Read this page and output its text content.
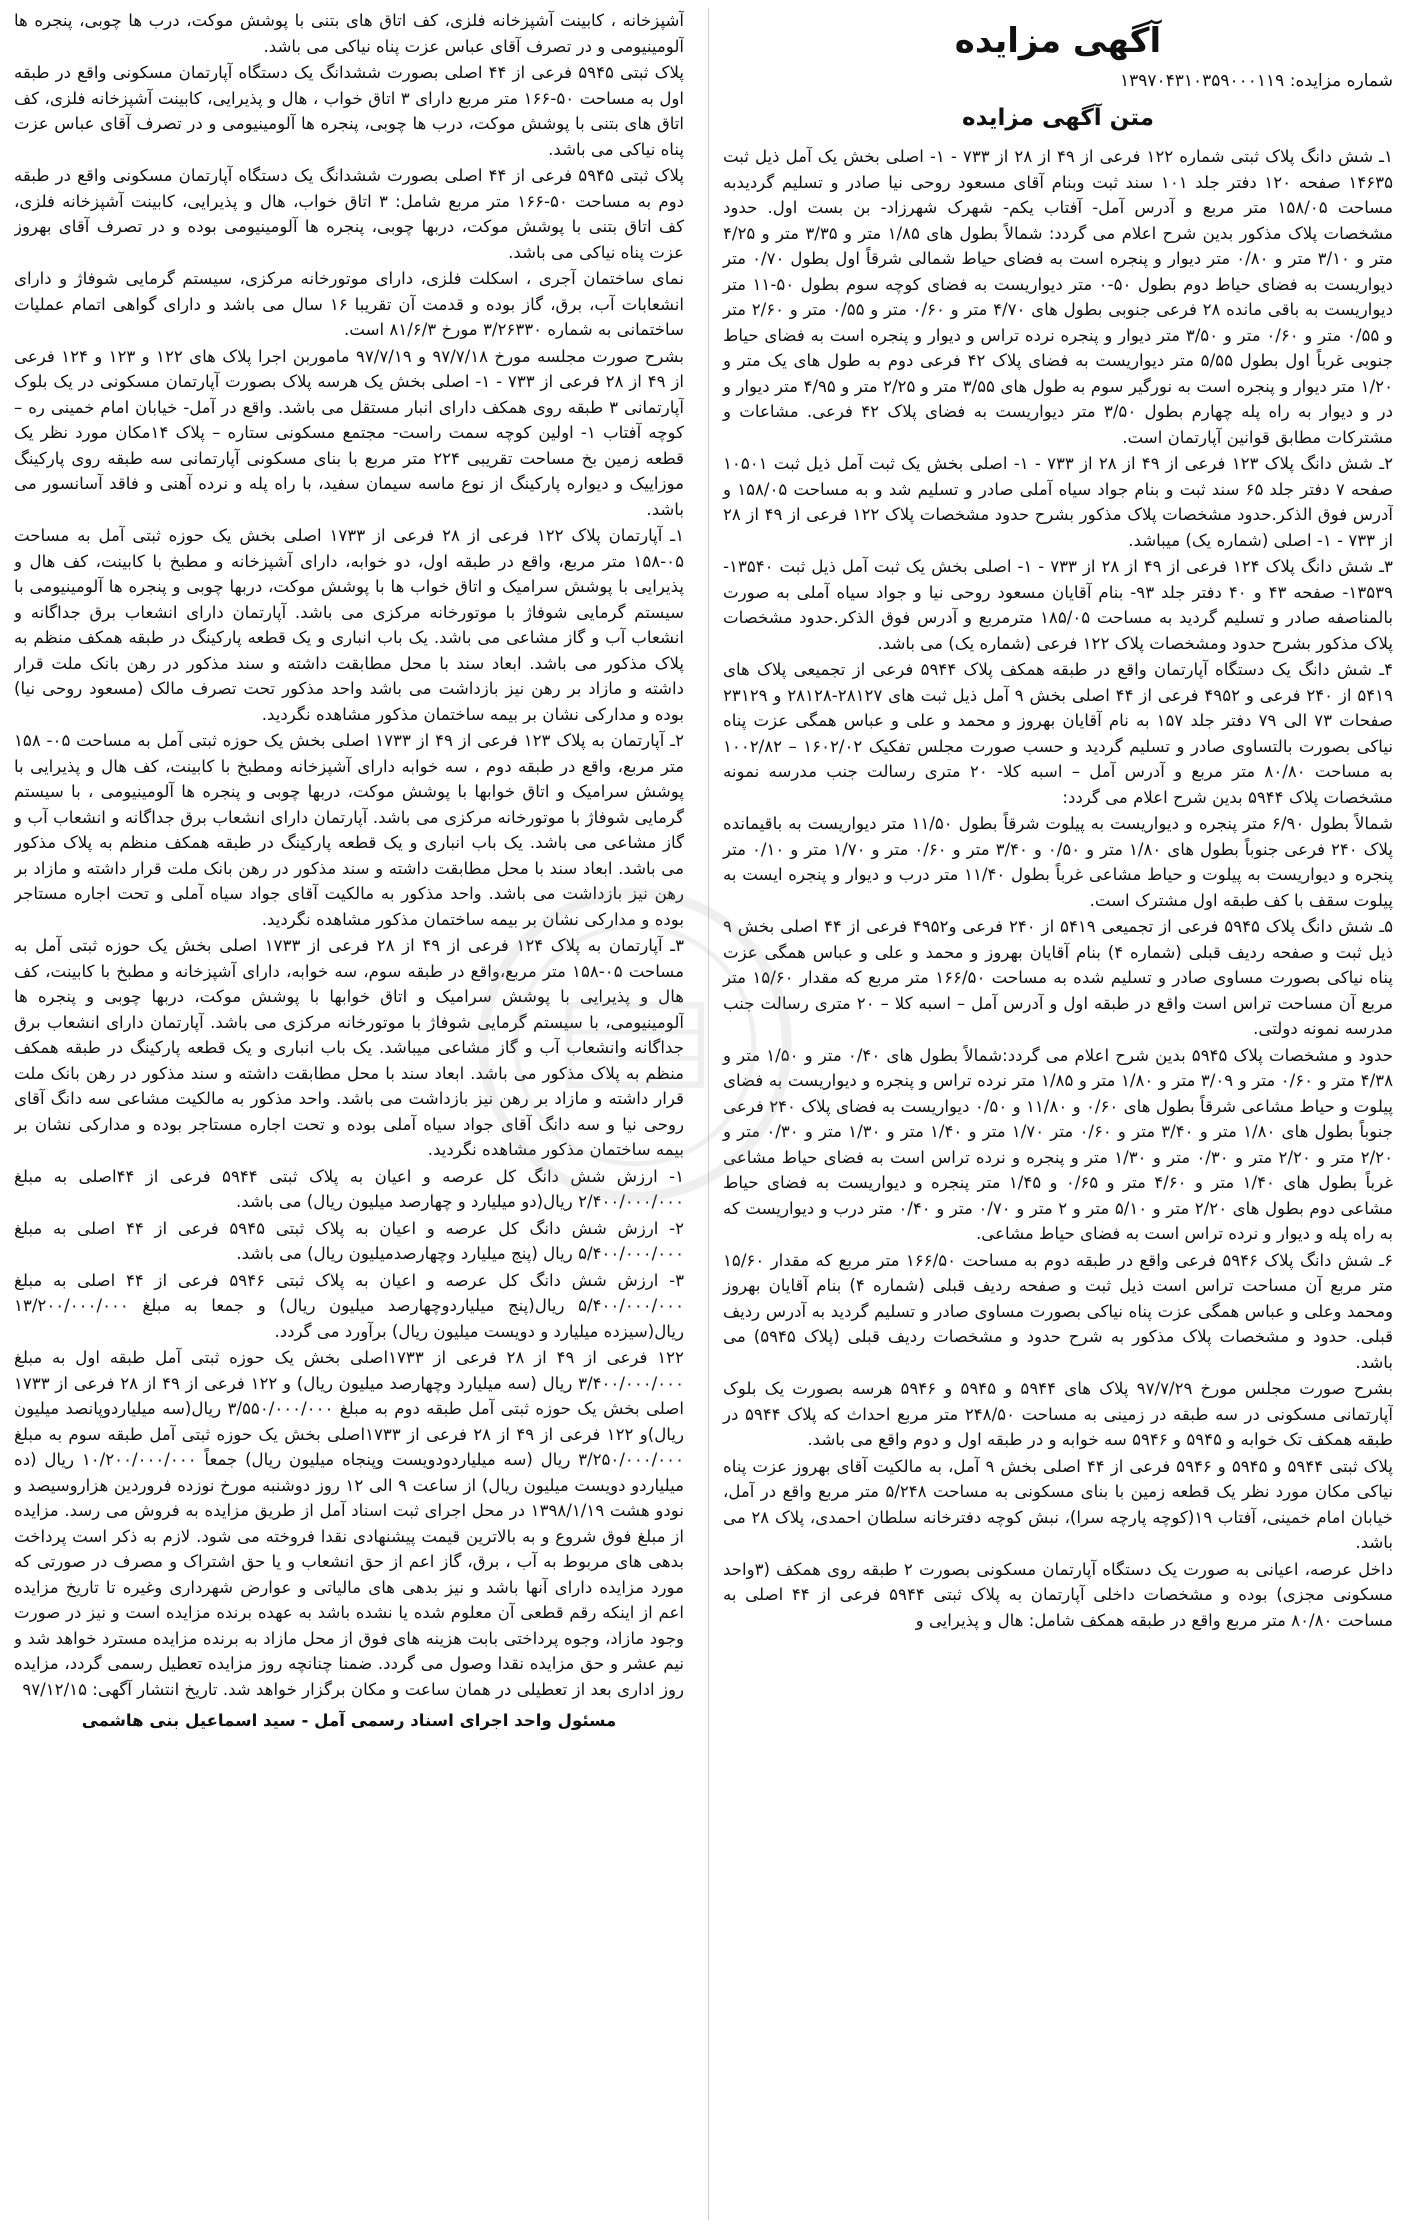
آگهی مزایده
شماره مزایده: ۱۳۹۷۰۴۳۱۰۳۵۹۰۰۰۱۱۹
متن آگهی مزایده

۱ـ شش دانگ پلاک ثبتی شماره ۱۲۲ فرعی از ۴۹ از ۲۸ از ۷۳۳ - ۱- اصلی بخش یک آمل ذیل ثبت ۱۴۶۳۵ صفحه ۱۲۰ دفتر جلد ۱۰۱ سند ثبت وبنام آقای مسعود روحی نیا صادر و تسلیم گردیدبه مساحت ۱۵۸/۰۵ متر مربع و آدرس آمل- آفتاب یکم- شهرک شهرزاد- بن بست اول. حدود مشخصات پلاک مذکور بدین شرح اعلام می گردد: شمالاً بطول های ۱/۸۵ متر و ۳/۳۵ متر و ۴/۲۵ متر و ۳/۱۰ متر و ۰/۸۰ متر دیوار و پنجره است به فضای حیاط شمالی شرقاً اول بطول ۰/۷۰ متر دیواریست به فضای حیاط دوم بطول ۵۰-۰ متر دیواریست به فضای کوچه سوم بطول ۵۰-۱۱ متر دیواریست به باقی مانده ۲۸ فرعی جنوبی بطول های ۴/۷۰ متر و ۰/۶۰ متر و ۰/۵۵ متر و ۲/۶۰ متر و ۰/۵۵ متر و ۰/۶۰ متر و ۳/۵۰ متر دیوار و پنجره نرده تراس و دیوار و پنجره است به فضای حیاط جنوبی غرباً اول بطول ۵/۵۵ متر دیواریست به فضای پلاک ۴۲ فرعی دوم به طول های یک متر و ۱/۲۰ متر دیوار و پنجره است به نورگیر سوم به طول های ۳/۵۵ متر و ۲/۲۵ متر و ۴/۹۵ متر دیوار و در و دیوار به راه پله چهارم بطول ۳/۵۰ متر دیواریست به فضای پلاک ۴۲ فرعی. مشاعات و مشترکات مطابق قوانین آپارتمان است.

۲ـ شش دانگ پلاک ۱۲۳ فرعی از ۴۹ از ۲۸ از ۷۳۳ - ۱- اصلی بخش یک ثبت آمل ذیل ثبت ۱۰۵۰۱ صفحه ۷ دفتر جلد ۶۵ سند ثبت و بنام جواد سیاه آملی صادر و تسلیم شد و به مساحت ۱۵۸/۰۵ و آدرس فوق الذکر.حدود مشخصات پلاک مذکور بشرح حدود مشخصات پلاک ۱۲۲ فرعی از ۴۹ از ۲۸ از ۷۳۳ - ۱- اصلی (شماره یک) میباشد.

۳ـ شش دانگ پلاک ۱۲۴ فرعی از ۴۹ از ۲۸ از ۷۳۳ - ۱- اصلی بخش یک ثبت آمل ذیل ثبت ۱۳۵۴۰- ۱۳۵۳۹- صفحه ۴۳ و ۴۰ دفتر جلد ۹۳- بنام آقایان مسعود روحی نیا و جواد سیاه آملی به صورت بالمناصفه صادر و تسلیم گردید به مساحت ۱۸۵/۰۵ مترمربع و آدرس فوق الذکر.حدود مشخصات پلاک مذکور بشرح حدود ومشخصات پلاک ۱۲۲ فرعی (شماره یک) می باشد.

۴ـ شش دانگ یک دستگاه آپارتمان واقع در طبقه همکف پلاک ۵۹۴۴ فرعی از تجمیعی پلاک های ۵۴۱۹ از ۲۴۰ فرعی و ۴۹۵۲ فرعی از ۴۴ اصلی بخش ۹ آمل ذیل ثبت های ۲۸۱۲۷-۲۸۱۲۸ و ۲۳۱۲۹ صفحات ۷۳ الی ۷۹ دفتر جلد ۱۵۷ به نام آقایان بهروز و محمد و علی و عباس همگی عزت پناه نیاکی بصورت بالتساوی صادر و تسلیم گردید و حسب صورت مجلس تفکیک ۱۶۰۲/۰۲ – ۱۰۰۲/۸۲ به مساحت ۸۰/۸۰ متر مربع و آدرس آمل – اسبه کلا- ۲۰ متری رسالت جنب مدرسه نمونه مشخصات پلاک ۵۹۴۴ بدین شرح اعلام می گردد:

شمالاً بطول ۶/۹۰ متر پنجره و دیواریست به پیلوت شرقاً بطول ۱۱/۵۰ متر دیواریست به باقیمانده پلاک ۲۴۰ فرعی جنوباً بطول های ۱/۸۰ متر و ۰/۵۰ و ۳/۴۰ متر و ۰/۶۰ متر و ۱/۷۰ متر و ۰/۱۰ متر پنجره و دیواریست به پیلوت و حیاط مشاعی غرباً بطول ۱۱/۴۰ متر درب و دیوار و پنجره ایست به پیلوت سقف با کف طبقه اول مشترک است.

۵ـ شش دانگ پلاک ۵۹۴۵ فرعی از تجمیعی ۵۴۱۹ از ۲۴۰ فرعی و۴۹۵۲ فرعی از ۴۴ اصلی بخش ۹ ذیل ثبت و صفحه ردیف قبلی (شماره ۴) بنام آقایان بهروز و محمد و علی و عباس همگی عزت پناه نیاکی بصورت مساوی صادر و تسلیم شده به مساحت ۱۶۶/۵۰ متر مربع که مقدار ۱۵/۶۰ متر مربع آن مساحت تراس است واقع در طبقه اول و آدرس آمل – اسبه کلا – ۲۰ متری رسالت جنب مدرسه نمونه دولتی.

حدود و مشخصات پلاک ۵۹۴۵ بدین شرح اعلام می گردد:شمالاً بطول های ۰/۴۰ متر و ۱/۵۰ متر و ۴/۳۸ متر و ۰/۶۰ متر و ۳/۰۹ متر و ۱/۸۰ متر و ۱/۸۵ متر نرده تراس و پنجره و دیواریست به فضای پیلوت و حیاط مشاعی شرقاً بطول های ۰/۶۰ و ۱۱/۸۰ و ۰/۵۰ دیواریست به فضای پلاک ۲۴۰ فرعی جنوباً بطول های ۱/۸۰ متر و ۳/۴۰ متر و ۰/۶۰ متر ۱/۷۰ متر و ۱/۴۰ متر و ۱/۳۰ متر و ۰/۳۰ متر و ۲/۲۰ متر و ۲/۲۰ متر و ۰/۳۰ متر و ۱/۳۰ متر و پنجره و نرده تراس است به فضای حیاط مشاعی غرباً بطول های ۱/۴۰ متر و ۴/۶۰ متر و ۰/۶۵ و ۱/۴۵ متر پنجره و دیواریست به فضای حیاط مشاعی دوم بطول های ۲/۲۰ متر و ۵/۱۰ متر و ۲ متر و ۰/۷۰ متر و ۰/۴۰ متر درب و دیواریست که به راه پله و دیوار و نرده تراس است به فضای حیاط مشاعی.

۶ـ شش دانگ پلاک ۵۹۴۶ فرعی واقع در طبقه دوم به مساحت ۱۶۶/۵۰ متر مربع که مقدار ۱۵/۶۰ متر مربع آن مساحت تراس است ذیل ثبت و صفحه ردیف قبلی (شماره ۴) بنام آقایان بهروز ومحمد وعلی و عباس همگی عزت پناه نیاکی بصورت مساوی صادر و تسلیم گردید به آدرس ردیف قبلی. حدود و مشخصات پلاک مذکور به شرح حدود و مشخصات ردیف قبلی (پلاک ۵۹۴۵) می باشد.

بشرح صورت مجلس مورخ ۹۷/۷/۲۹ پلاک های ۵۹۴۴ و ۵۹۴۵ و ۵۹۴۶ هرسه بصورت یک بلوک آپارتمانی مسکونی در سه طبقه در زمینی به مساحت ۲۴۸/۵۰ متر مربع احداث که پلاک ۵۹۴۴ در طبقه همکف تک خوابه و ۵۹۴۵ و ۵۹۴۶ سه خوابه و در طبقه اول و دوم واقع می باشد.

پلاک ثبتی ۵۹۴۴ و ۵۹۴۵ و ۵۹۴۶ فرعی از ۴۴ اصلی بخش ۹ آمل، به مالکیت آقای بهروز عزت پناه نیاکی مکان مورد نظر یک قطعه زمین با بنای مسکونی به مساحت ۵/۲۴۸ متر مربع واقع در آمل، خیابان امام خمینی، آفتاب ۱۹(کوچه پارچه سرا)، نبش کوچه دفترخانه سلطان احمدی، پلاک ۲۸ می باشد.

داخل عرصه، اعیانی به صورت یک دستگاه آپارتمان مسکونی بصورت ۲ طبقه روی همکف (۳واحد مسکونی مجزی) بوده و مشخصات داخلی آپارتمان به پلاک ثبتی ۵۹۴۴ فرعی از ۴۴ اصلی به مساحت ۸۰/۸۰ متر مربع واقع در طبقه همکف شامل: هال و پذیرایی و

آشپزخانه ، کابینت آشپزخانه فلزی، کف اتاق های بتنی با پوشش موکت، درب ها چوبی، پنجره ها آلومینیومی و در تصرف آقای عباس عزت پناه نیاکی می باشد.

پلاک ثبتی ۵۹۴۵ فرعی از ۴۴ اصلی بصورت ششدانگ یک دستگاه آپارتمان مسکونی واقع در طبقه اول به مساحت ۵۰-۱۶۶ متر مربع دارای ۳ اتاق خواب ، هال و پذیرایی، کابینت آشپزخانه فلزی، کف اتاق های بتنی با پوشش موکت، درب ها چوبی، پنجره ها آلومینیومی و در تصرف آقای عباس عزت پناه نیاکی می باشد.

پلاک ثبتی ۵۹۴۵ فرعی از ۴۴ اصلی بصورت ششدانگ یک دستگاه آپارتمان مسکونی واقع در طبقه دوم به مساحت ۵۰-۱۶۶ متر مربع شامل: ۳ اتاق خواب، هال و پذیرایی، کابینت آشپزخانه فلزی، کف اتاق بتنی با پوشش موکت، دربها چوبی، پنجره ها آلومینیومی بوده و در تصرف آقای بهروز عزت پناه نیاکی می باشد.

نمای ساختمان آجری ، اسکلت فلزی، دارای موتورخانه مرکزی، سیستم گرمایی شوفاژ و دارای انشعابات آب، برق، گاز بوده و قدمت آن تقریبا ۱۶ سال می باشد و دارای گواهی اتمام عملیات ساختمانی به شماره ۳/۲۶۳۳۰ مورخ ۸۱/۶/۳ است.

بشرح صورت مجلسه مورخ ۹۷/۷/۱۸ و ۹۷/۷/۱۹ ماموربن اجرا پلاک های ۱۲۲ و ۱۲۳ و ۱۲۴ فرعی از ۴۹ از ۲۸ فرعی از ۷۳۳ - ۱- اصلی بخش یک هرسه پلاک بصورت آپارتمان مسکونی در یک بلوک آپارتمانی ۳ طبقه روی همکف دارای انبار مستقل می باشد. واقع در آمل- خیابان امام خمینی ره – کوچه آفتاب ۱- اولین کوچه سمت راست- مجتمع مسکونی ستاره – پلاک ۱۴مکان مورد نظر یک قطعه زمین بخ مساحت تقریبی ۲۲۴ متر مربع با بنای مسکونی آپارتمانی سه طبقه روی پارکینگ موزاییک و دیواره پارکینگ از نوع ماسه سیمان سفید، با راه پله و نرده آهنی و فاقد آسانسور می باشد.

۱ـ آپارتمان پلاک ۱۲۲ فرعی از ۲۸ فرعی از ۱۷۳۳ اصلی بخش یک حوزه ثبتی آمل به مساحت ۰۵-۱۵۸ متر مربع، واقع در طبقه اول، دو خوابه، دارای آشپزخانه و مطبخ با کابینت، کف هال و پذیرایی با پوشش سرامیک و اتاق خواب ها با پوشش موکت، دربها چوبی و پنجره ها آلومینیومی با سیستم گرمایی شوفاژ با موتورخانه مرکزی می باشد. آپارتمان دارای انشعاب برق جداگانه و انشعاب آب و گاز مشاعی می باشد. یک باب انباری و یک قطعه پارکینگ در طبقه همکف منظم به پلاک مذکور می باشد. ابعاد سند با محل مطابقت داشته و سند مذکور در رهن بانک ملت قرار داشته و مازاد بر رهن نیز بازداشت می باشد واحد مذکور تحت تصرف مالک (مسعود روحی نیا) بوده و مدارکی نشان بر بیمه ساختمان مذکور مشاهده نگردید.

۲ـ آپارتمان به پلاک ۱۲۳ فرعی از ۴۹ از ۱۷۳۳ اصلی بخش یک حوزه ثبتی آمل به مساحت ۰۵- ۱۵۸ متر مربع، واقع در طبقه دوم ، سه خوابه دارای آشپزخانه ومطبخ با کابینت، کف هال و پذیرایی با پوشش سرامیک و اتاق خوابها با پوشش موکت، دربها چوبی و پنجره ها آلومینیومی ، با سیستم گرمایی شوفاژ با موتورخانه مرکزی می باشد. آپارتمان دارای انشعاب برق جداگانه و انشعاب آب و گاز مشاعی می باشد. یک باب انباری و یک قطعه پارکینگ در طبقه همکف منظم به پلاک مذکور می باشد. ابعاد سند با محل مطابقت داشته و سند مذکور در رهن بانک ملت قرار داشته و مازاد بر رهن نیز بازداشت می باشد. واحد مذکور به مالکیت آقای جواد سیاه آملی و تحت اجاره مستاجر بوده و مدارکی نشان بر بیمه ساختمان مذکور مشاهده نگردید.

۳ـ آپارتمان به پلاک ۱۲۴ فرعی از ۴۹ از ۲۸ فرعی از ۱۷۳۳ اصلی بخش یک حوزه ثبتی آمل به مساحت ۰۵-۱۵۸ متر مربع،واقع در طبقه سوم، سه خوابه، دارای آشپزخانه و مطبخ با کابینت، کف هال و پذیرایی با پوشش سرامیک و اتاق خوابها با پوشش موکت، دربها چوبی و پنجره ها آلومینیومی، با سیستم گرمایی شوفاژ با موتورخانه مرکزی می باشد. آپارتمان دارای انشعاب برق جداگانه وانشعاب آب و گاز مشاعی میباشد. یک باب انباری و یک قطعه پارکینگ در طبقه همکف منظم به پلاک مذکور می باشد. ابعاد سند با محل مطابقت داشته و سند مذکور در رهن بانک ملت قرار داشته و مازاد بر رهن نیز بازداشت می باشد. واحد مذکور به مالکیت مشاعی سه دانگ آقای روحی نیا و سه دانگ آقای جواد سیاه آملی بوده و تحت اجاره مستاجر بوده و مدارکی نشان بر بیمه ساختمان مذکور مشاهده نگردید.

۱- ارزش شش دانگ کل عرصه و اعیان به پلاک ثبتی ۵۹۴۴ فرعی از ۴۴اصلی به مبلغ ۲/۴۰۰/۰۰۰/۰۰۰ ریال(دو میلیارد و چهارصد میلیون ریال) می باشد.

۲- ارزش شش دانگ کل عرصه و اعیان به پلاک ثبتی ۵۹۴۵ فرعی از ۴۴ اصلی به مبلغ ۵/۴۰۰/۰۰۰/۰۰۰ ریال (پنج میلیارد وچهارصدمیلیون ریال) می باشد.

۳- ارزش شش دانگ کل عرصه و اعیان به پلاک ثبتی ۵۹۴۶ فرعی از ۴۴ اصلی به مبلغ ۵/۴۰۰/۰۰۰/۰۰۰ ریال(پنج میلیاردوچهارصد میلیون ریال) و جمعا به مبلغ ۱۳/۲۰۰/۰۰۰/۰۰۰ ریال(سیزده میلیارد و دویست میلیون ریال) برآورد می گردد.

۱۲۲ فرعی از ۴۹ از ۲۸ فرعی از ۱۷۳۳اصلی بخش یک حوزه ثبتی آمل طبقه اول به مبلغ ۳/۴۰۰/۰۰۰/۰۰۰ ریال (سه میلیارد وچهارصد میلیون ریال) و ۱۲۲ فرعی از ۴۹ از ۲۸ فرعی از ۱۷۳۳ اصلی بخش یک حوزه ثبتی آمل طبقه دوم به مبلغ ۳/۵۵۰/۰۰۰/۰۰۰ ریال(سه میلیاردوپانصد میلیون ریال)و ۱۲۲ فرعی از ۴۹ از ۲۸ فرعی از ۱۷۳۳اصلی بخش یک حوزه ثبتی آمل طبقه سوم به مبلغ ۳/۲۵۰/۰۰۰/۰۰۰ ریال (سه میلیاردودویست وپنجاه میلیون ریال) جمعاً ۱۰/۲۰۰/۰۰۰/۰۰۰ ریال (ده میلیاردو دویست میلیون ریال) از ساعت ۹ الی ۱۲ روز دوشنبه مورخ نوزده فروردین هزاروسیصد و نودو هشت ۱۳۹۸/۱/۱۹ در محل اجرای ثبت اسناد آمل از طریق مزایده به فروش می رسد. مزایده از مبلغ فوق شروع و به بالاترین قیمت پیشنهادی نقدا فروخته می شود. لازم به ذکر است پرداخت بدهی های مربوط به آب ، برق، گاز اعم از حق انشعاب و یا حق اشتراک و مصرف در صورتی که مورد مزایده دارای آنها باشد و نیز بدهی های مالیاتی و عوارض شهرداری وغیره تا تاریخ مزایده اعم از اینکه رقم قطعی آن معلوم شده یا نشده باشد به عهده برنده مزایده است و نیز در صورت وجود مازاد، وجوه پرداختی بابت هزینه های فوق از محل مازاد به برنده مزایده مسترد خواهد شد و نیم عشر و حق مزایده نقدا وصول می گردد. ضمنا چنانچه روز مزایده تعطیل رسمی گردد، مزایده روز اداری بعد از تعطیلی در همان ساعت و مکان برگزار خواهد شد. تاریخ انتشار آگهی: ۹۷/۱۲/۱۵

مسئول واحد اجرای اسناد رسمی آمل - سید اسماعیل بنی هاشمی
